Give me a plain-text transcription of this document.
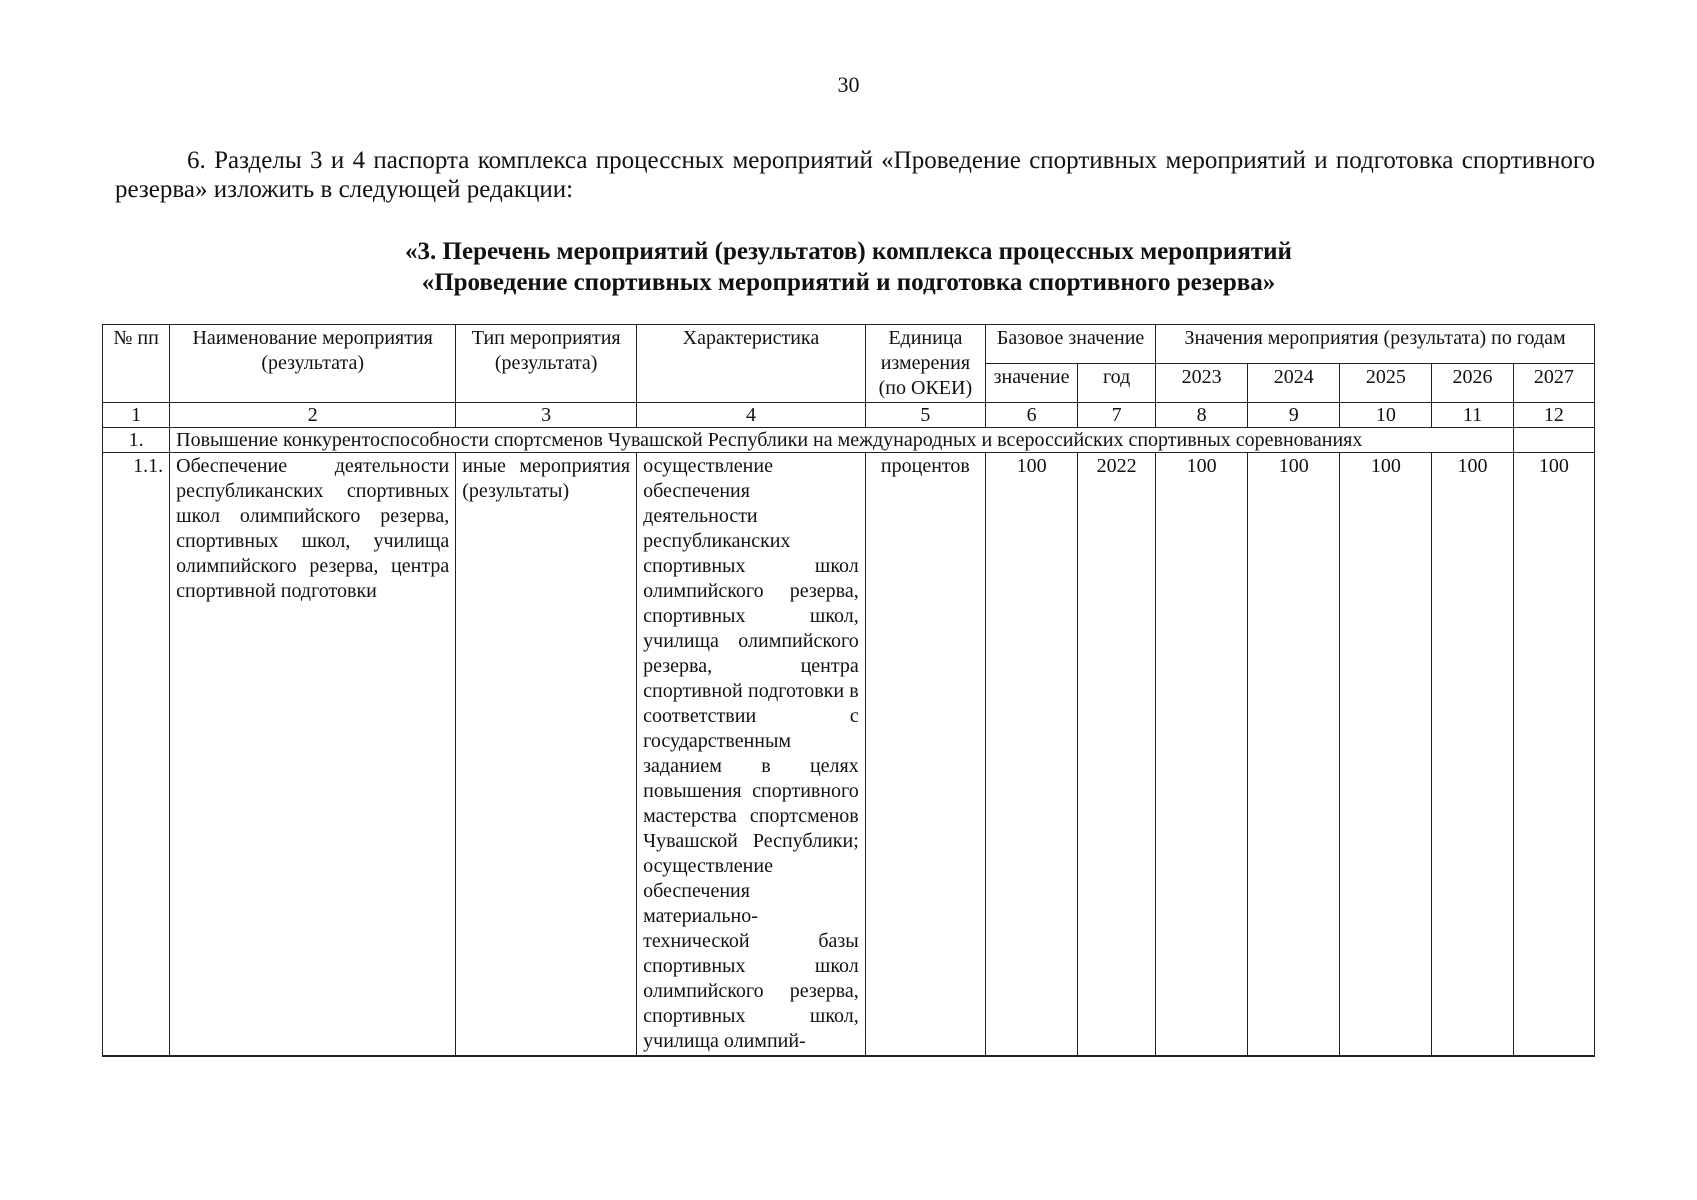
30
6. Разделы 3 и 4 паспорта комплекса процессных мероприятий «Проведение спортивных мероприятий и подготовка спортивного резерва» изложить в следующей редакции:
«3. Перечень мероприятий (результатов) комплекса процессных мероприятий
«Проведение спортивных мероприятий и подготовка спортивного резерва»
№ пп	Наименование мероприятия (результата)	Тип мероприятия (результата)	Характеристика	Единица измерения (по ОКЕИ)	Базовое значение		Значения мероприятия (результата) по годам				
					значение	год	2023	2024	2025	2026	2027
1	2	3	4	5	6	7	8	9	10	11	12
1.	Повышение конкурентоспособности спортсменов Чувашской Республики на международных и всероссийских спортивных соревнованиях										
1.1.	Обеспечение деятельности республиканских спортивных школ олимпийского резерва, спортивных школ, училища олимпийского резерва, центра спортивной подготовки	иные мероприятия (результаты)	осуществление обеспечения деятельности республиканских спортивных школ олимпийского резерва, спортивных школ, училища олимпийского резерва, центра спортивной подготовки в соответствии с государственным заданием в целях повышения спортивного мастерства спортсменов Чувашской Республики; осуществление обеспечения материально-технической базы спортивных школ олимпийского резерва, спортивных школ, училища олимпий-	процентов	100	2022	100	100	100	100	100
